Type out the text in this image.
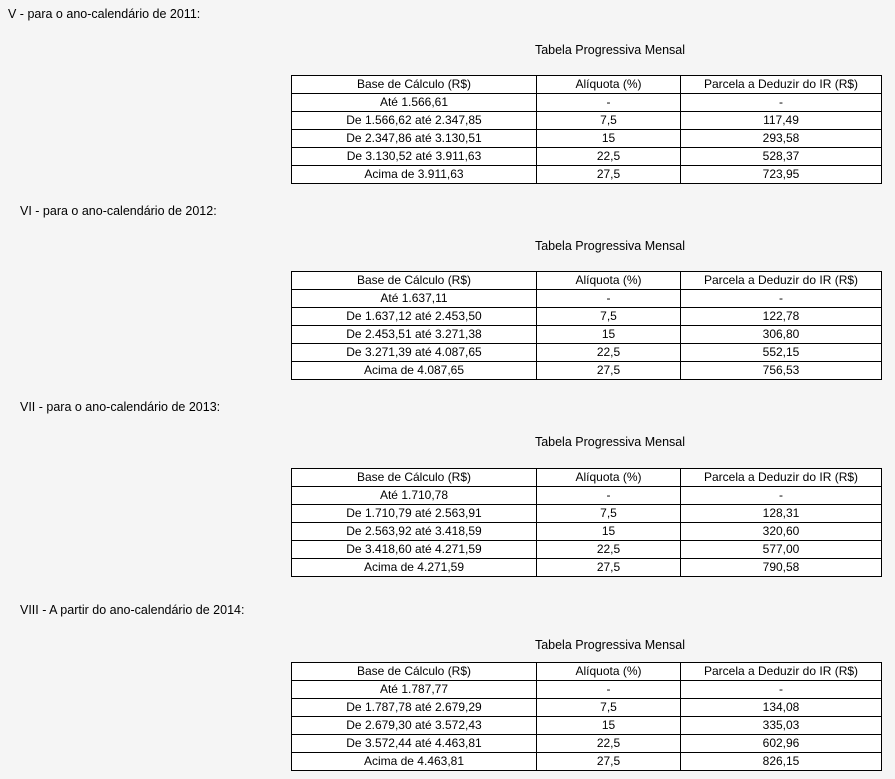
V - para o ano-calendário de 2011:
Tabela Progressiva Mensal
Base de Cálculo (R$)	Alíquota (%)	Parcela a Deduzir do IR (R$)
Até 1.566,61	-	-
De 1.566,62 até 2.347,85	7,5	117,49
De 2.347,86 até 3.130,51	15	293,58
De 3.130,52 até 3.911,63	22,5	528,37
Acima de 3.911,63	27,5	723,95
VI - para o ano-calendário de 2012:
Tabela Progressiva Mensal
Base de Cálculo (R$)	Alíquota (%)	Parcela a Deduzir do IR (R$)
Até 1.637,11	-	-
De 1.637,12 até 2.453,50	7,5	122,78
De 2.453,51 até 3.271,38	15	306,80
De 3.271,39 até 4.087,65	22,5	552,15
Acima de 4.087,65	27,5	756,53
VII - para o ano-calendário de 2013:
Tabela Progressiva Mensal
Base de Cálculo (R$)	Alíquota (%)	Parcela a Deduzir do IR (R$)
Até 1.710,78	-	-
De 1.710,79 até 2.563,91	7,5	128,31
De 2.563,92 até 3.418,59	15	320,60
De 3.418,60 até 4.271,59	22,5	577,00
Acima de 4.271,59	27,5	790,58
VIII - A partir do ano-calendário de 2014:
Tabela Progressiva Mensal
Base de Cálculo (R$)	Alíquota (%)	Parcela a Deduzir do IR (R$)
Até 1.787,77	-	-
De 1.787,78 até 2.679,29	7,5	134,08
De 2.679,30 até 3.572,43	15	335,03
De 3.572,44 até 4.463,81	22,5	602,96
Acima de 4.463,81	27,5	826,15
